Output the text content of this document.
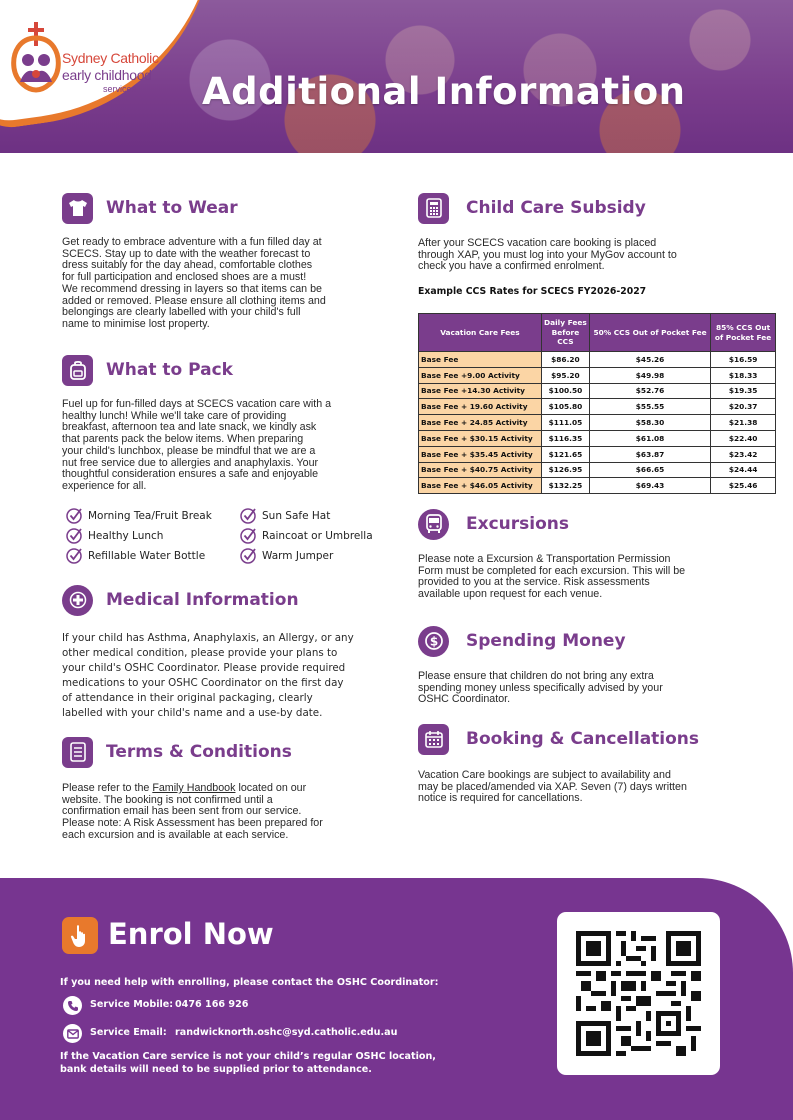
Sydney Catholic
early childhood
services Additional Information
What to Wear

Get ready to embrace adventure with a fun filled day at

SCECS. Stay up to date with the weather forecast to

dress suitably for the day ahead, comfortable clothes

for full participation and enclosed shoes are a must!

We recommend dressing in layers so that items can be

added or removed. Please ensure all clothing items and

belongings are clearly labelled with your child's full

name to minimise lost property.

What to Pack

Fuel up for fun-filled days at SCECS vacation care with a

healthy lunch! While we'll take care of providing

breakfast, afternoon tea and late snack, we kindly ask

that parents pack the below items. When preparing

your child's lunchbox, please be mindful that we are a

nut free service due to allergies and anaphylaxis. Your

thoughtful consideration ensures a safe and enjoyable

experience for all.

Morning Tea/Fruit Break
Healthy Lunch
Refillable Water Bottle
Sun Safe Hat
Raincoat or Umbrella
Warm Jumper
Medical Information

If your child has Asthma, Anaphylaxis, an Allergy, or any

other medical condition, please provide your plans to

your child's OSHC Coordinator. Please provide required

medications to your OSHC Coordinator on the first day

of attendance in their original packaging, clearly

labelled with your child's name and a use-by date.

Terms & Conditions

Please refer to the Family Handbook located on our

website. The booking is not confirmed until a

confirmation email has been sent from our service.

Please note: A Risk Assessment has been prepared for

each excursion and is available at each service.

Child Care Subsidy

After your SCECS vacation care booking is placed

through XAP, you must log into your MyGov account to

check you have a confirmed enrolment.

Example CCS Rates for SCECS FY2026-2027
Vacation Care Fees	Daily Fees Before CCS	50% CCS Out of Pocket Fee	85% CCS Out of Pocket Fee
Base Fee	$86.20	$45.26	$16.59
Base Fee +9.00 Activity	$95.20	$49.98	$18.33
Base Fee +14.30 Activity	$100.50	$52.76	$19.35
Base Fee + 19.60 Activity	$105.80	$55.55	$20.37
Base Fee + 24.85 Activity	$111.05	$58.30	$21.38
Base Fee + $30.15 Activity	$116.35	$61.08	$22.40
Base Fee + $35.45 Activity	$121.65	$63.87	$23.42
Base Fee + $40.75 Activity	$126.95	$66.65	$24.44
Base Fee + $46.05 Activity	$132.25	$69.43	$25.46
Excursions

Please note a Excursion & Transportation Permission

Form must be completed for each excursion. This will be

provided to you at the service. Risk assessments

available upon request for each venue.

$ Spending Money

Please ensure that children do not bring any extra

spending money unless specifically advised by your

OSHC Coordinator.

Booking & Cancellations

Vacation Care bookings are subject to availability and

may be placed/amended via XAP. Seven (7) days written

notice is required for cancellations.

Enrol Now
If you need help with enrolling, please contact the OSHC Coordinator:
Service Mobile: 0476 166 926
Service Email: randwicknorth.oshc@syd.catholic.edu.au
If the Vacation Care service is not your child’s regular OSHC location,
bank details will need to be supplied prior to attendance.
